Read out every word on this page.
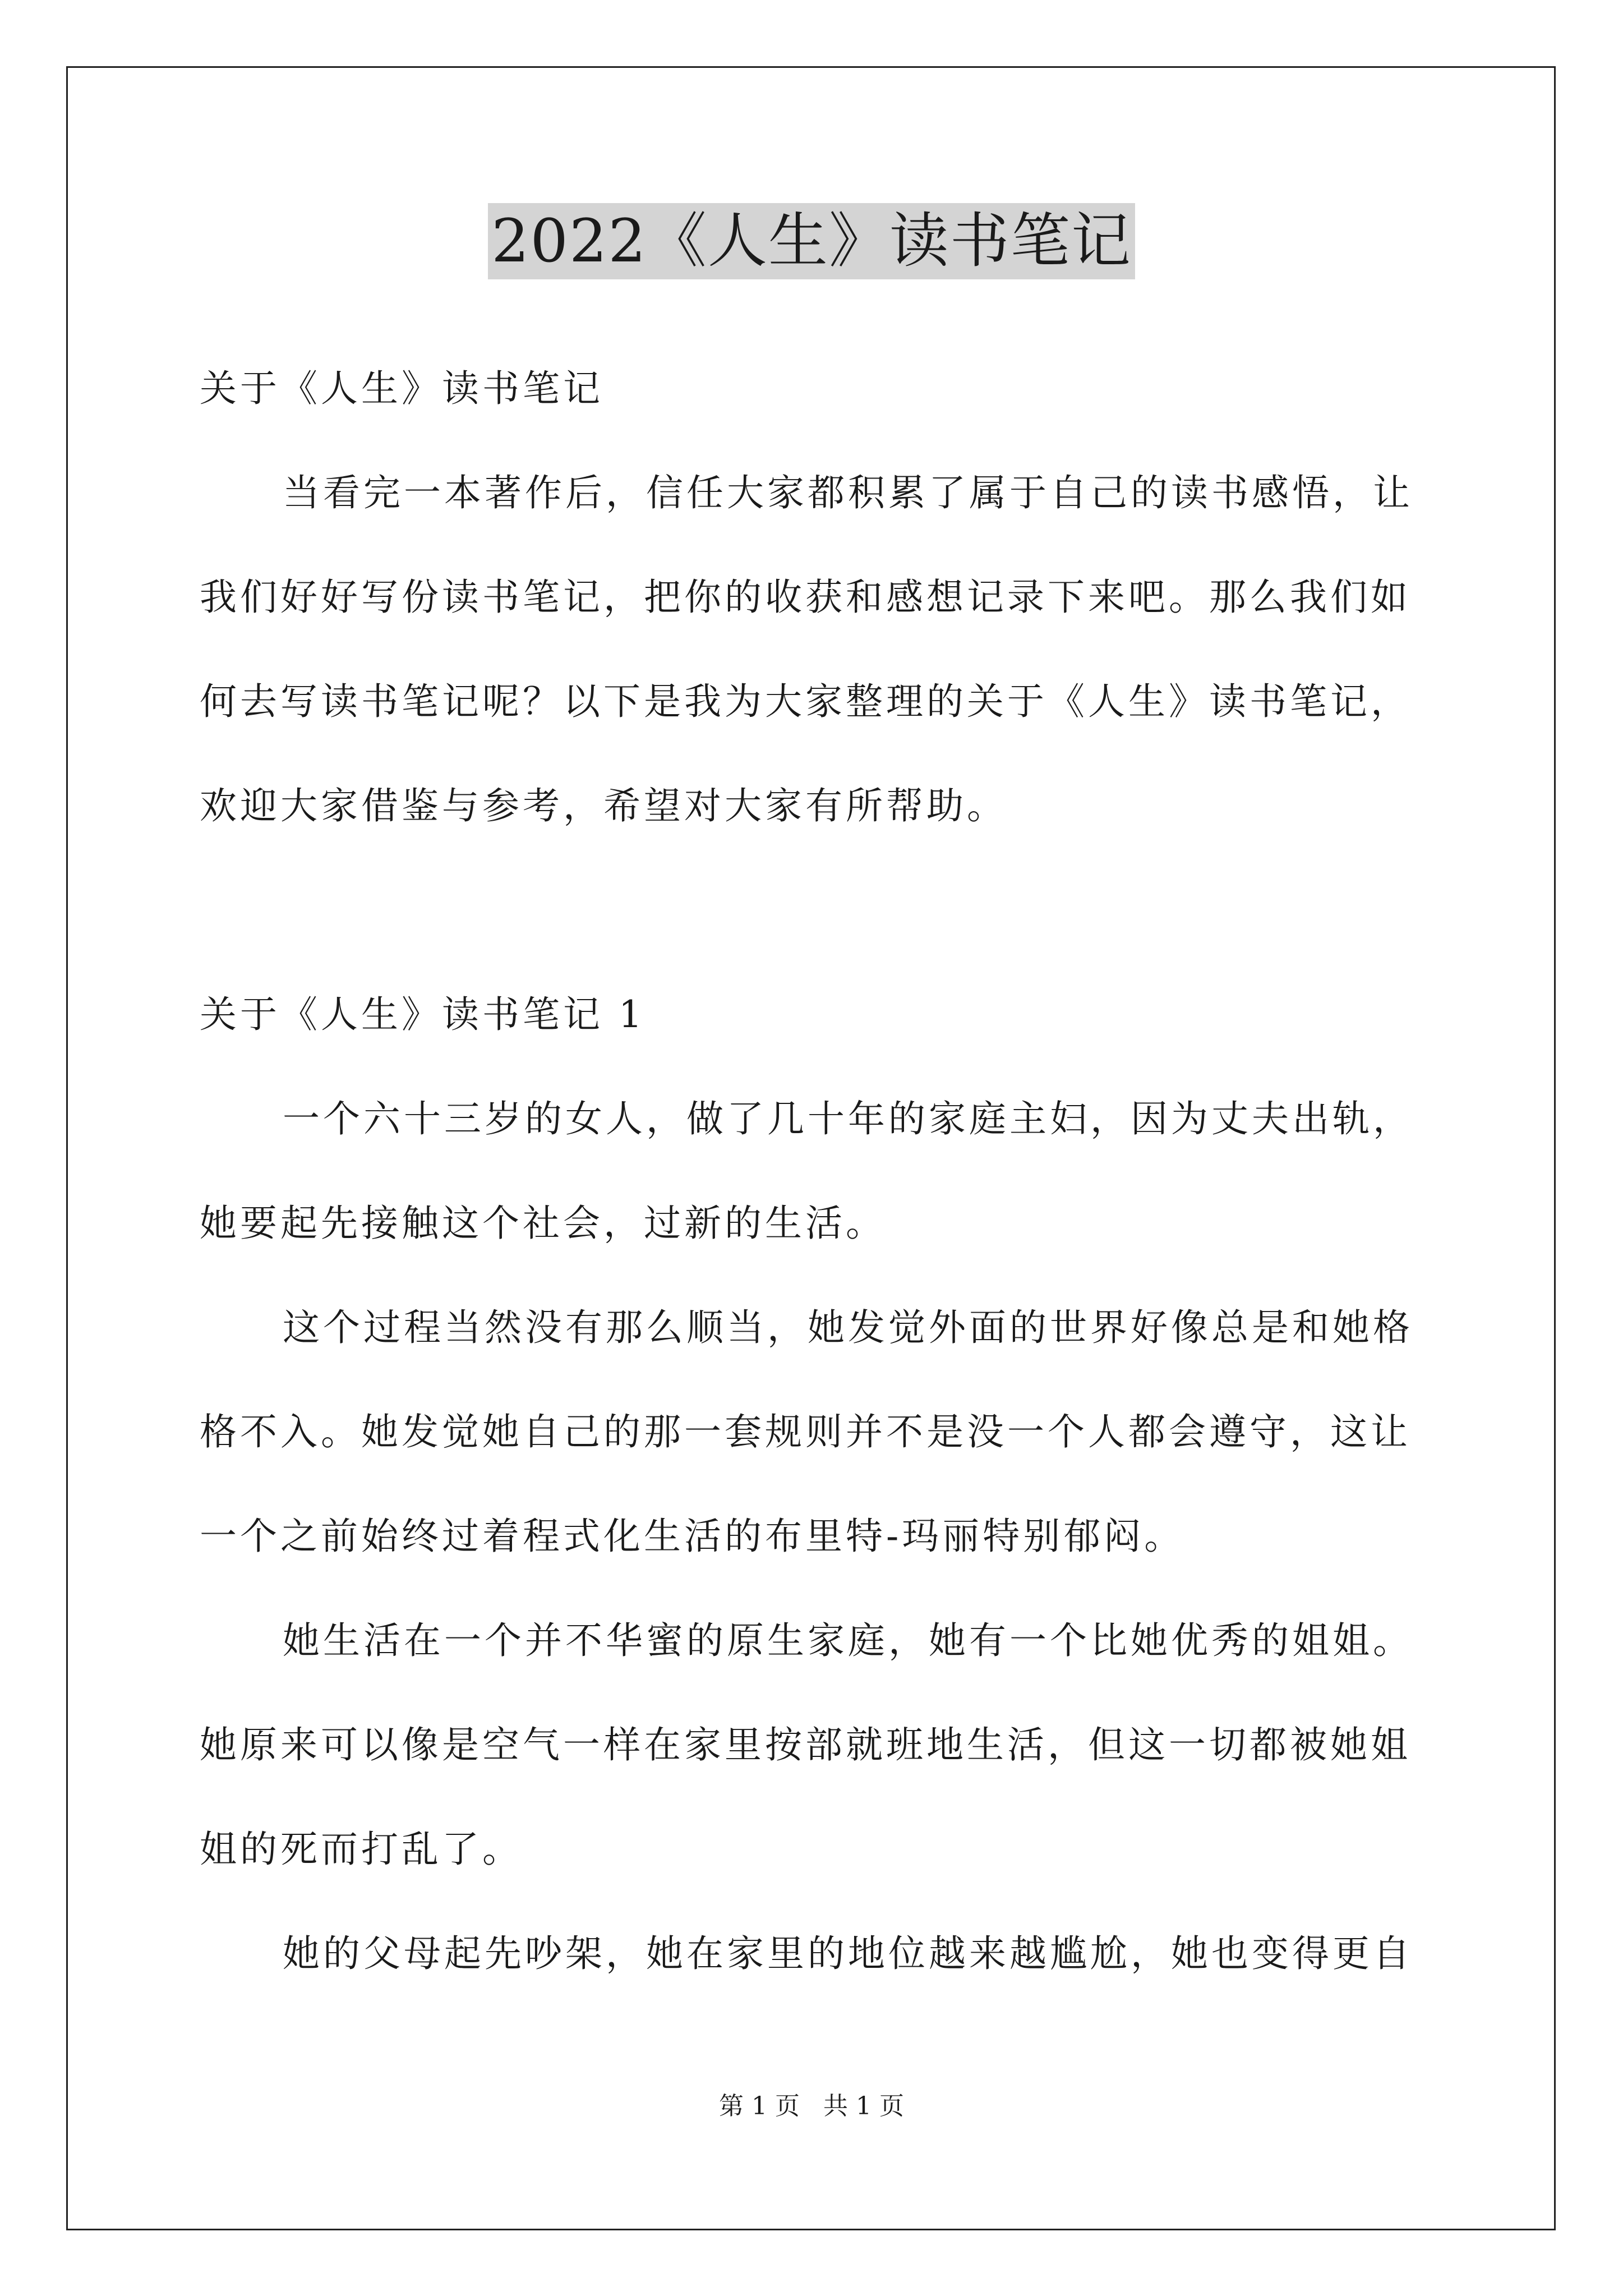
2022《人生》读书笔记

关于《人生》读书笔记

当看完一本著作后，信任大家都积累了属于自己的读书感悟，让我们好好写份读书笔记，把你的收获和感想记录下来吧。那么我们如何去写读书笔记呢？以下是我为大家整理的关于《人生》读书笔记，欢迎大家借鉴与参考，希望对大家有所帮助。

关于《人生》读书笔记 1

一个六十三岁的女人，做了几十年的家庭主妇，因为丈夫出轨，她要起先接触这个社会，过新的生活。

这个过程当然没有那么顺当，她发觉外面的世界好像总是和她格格不入。她发觉她自己的那一套规则并不是没一个人都会遵守，这让一个之前始终过着程式化生活的布里特-玛丽特别郁闷。

她生活在一个并不华蜜的原生家庭，她有一个比她优秀的姐姐。她原来可以像是空气一样在家里按部就班地生活，但这一切都被她姐姐的死而打乱了。

她的父母起先吵架，她在家里的地位越来越尴尬，她也变得更自

第 1 页   共 1 页
